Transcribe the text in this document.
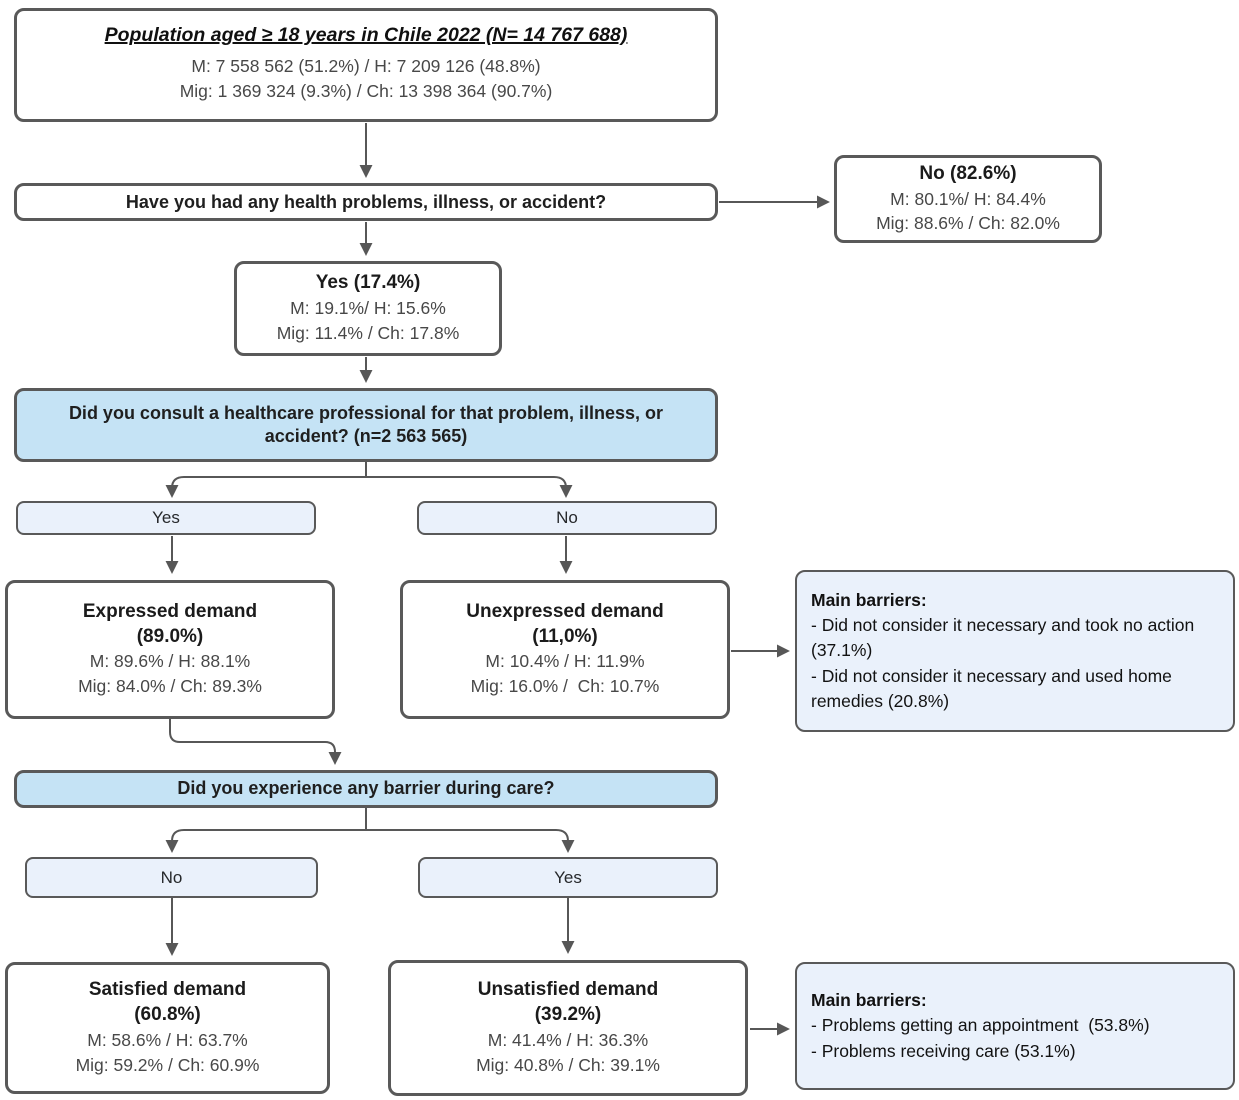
Population aged ≥ 18 years in Chile 2022 (N= 14 767 688)
M: 7 558 562 (51.2%) / H: 7 209 126 (48.8%)
Mig: 1 369 324 (9.3%) / Ch: 13 398 364 (90.7%)
Have you had any health problems, illness, or accident?
No (82.6%)
M: 80.1%/ H: 84.4%
Mig: 88.6% / Ch: 82.0%
Yes (17.4%)
M: 19.1%/ H: 15.6%
Mig: 11.4% / Ch: 17.8%
Did you consult a healthcare professional for that problem, illness, or accident? (n=2 563 565)
Yes	No
Expressed demand
(89.0%)
M: 89.6% / H: 88.1%
Mig: 84.0% / Ch: 89.3%
Unexpressed demand
(11,0%)
M: 10.4% / H: 11.9%
Mig: 16.0% /  Ch: 10.7%
Main barriers:
- Did not consider it necessary and took no action (37.1%)
- Did not consider it necessary and used home remedies (20.8%)
Did you experience any barrier during care?
No	Yes
Satisfied demand
(60.8%)
M: 58.6% / H: 63.7%
Mig: 59.2% / Ch: 60.9%
Unsatisfied demand
(39.2%)
M: 41.4% / H: 36.3%
Mig: 40.8% / Ch: 39.1%
Main barriers:
- Problems getting an appointment  (53.8%)
- Problems receiving care (53.1%)
